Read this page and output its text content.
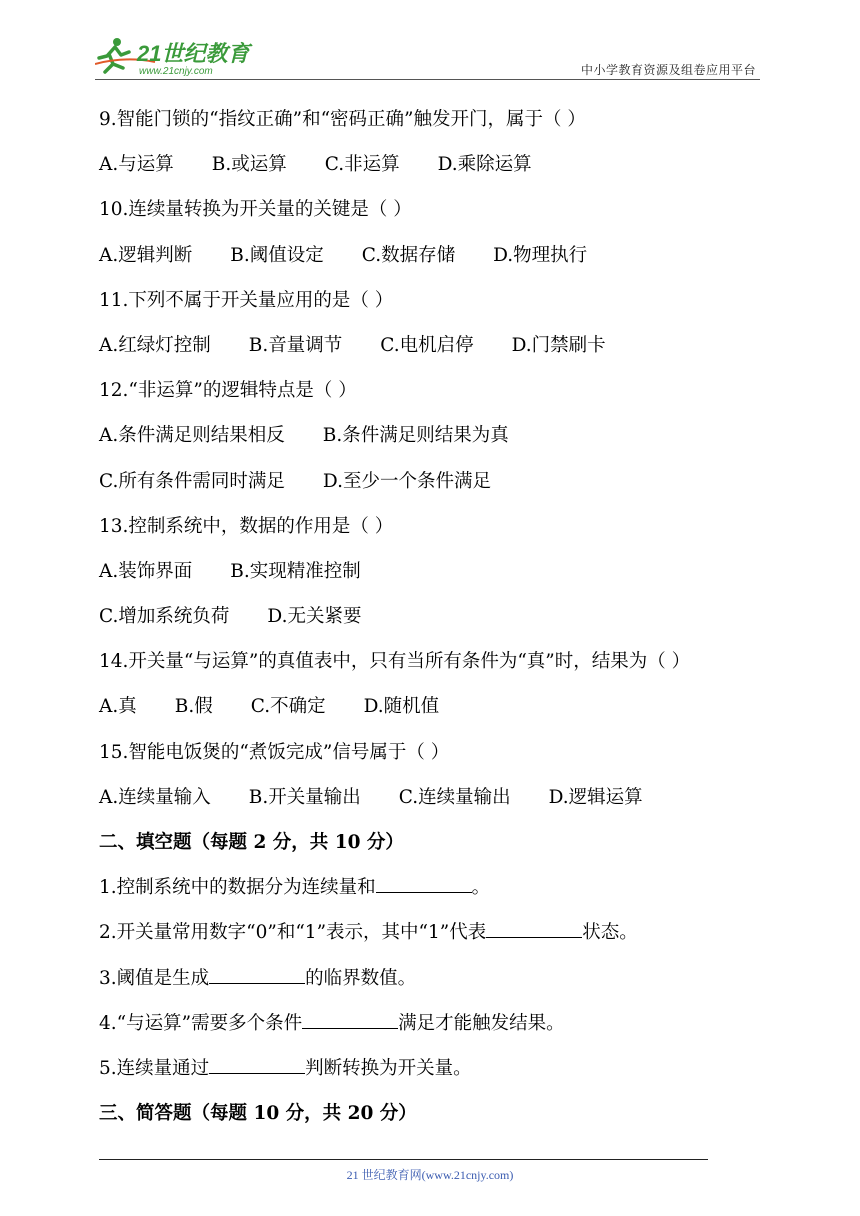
21世纪教育
www.21cnjy.com	中小学教育资源及组卷应用平台
9.智能门锁的“指纹正确”和“密码正确”触发开门，属于（ ）
A.与运算 B.或运算 C.非运算 D.乘除运算
10.连续量转换为开关量的关键是（ ）
A.逻辑判断 B.阈值设定 C.数据存储 D.物理执行
11.下列不属于开关量应用的是（ ）
A.红绿灯控制 B.音量调节 C.电机启停 D.门禁刷卡
12.“非运算”的逻辑特点是（ ）
A.条件满足则结果相反 B.条件满足则结果为真
C.所有条件需同时满足 D.至少一个条件满足
13.控制系统中，数据的作用是（ ）
A.装饰界面 B.实现精准控制
C.增加系统负荷 D.无关紧要
14.开关量“与运算”的真值表中，只有当所有条件为“真”时，结果为（ ）
A.真 B.假 C.不确定 D.随机值
15.智能电饭煲的“煮饭完成”信号属于（ ）
A.连续量输入 B.开关量输出 C.连续量输出 D.逻辑运算
二、填空题（每题 2 分，共 10 分）
1.控制系统中的数据分为连续量和	。
2.开关量常用数字“0”和“1”表示，其中“1”代表	状态。
3.阈值是生成	的临界数值。
4.“与运算”需要多个条件	满足才能触发结果。
5.连续量通过	判断转换为开关量。
三、简答题（每题 10 分，共 20 分）
21 世纪教育网(www.21cnjy.com)
